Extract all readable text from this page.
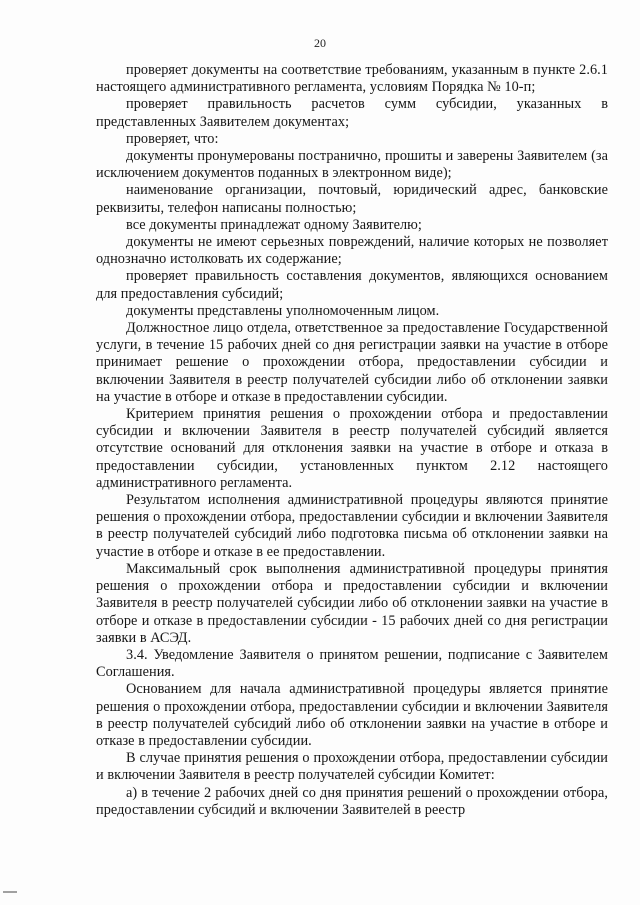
20

проверяет документы на соответствие требованиям, указанным в пункте 2.6.1 настоящего административного регламента, условиям Порядка № 10-п;

проверяет правильность расчетов сумм субсидии, указанных в представленных Заявителем документах;

проверяет, что:

документы пронумерованы постранично, прошиты и заверены Заявителем (за исключением документов поданных в электронном виде);

наименование организации, почтовый, юридический адрес, банковские реквизиты, телефон написаны полностью;

все документы принадлежат одному Заявителю;

документы не имеют серьезных повреждений, наличие которых не позволяет однозначно истолковать их содержание;

проверяет правильность составления документов, являющихся основанием для предоставления субсидий;

документы представлены уполномоченным лицом.

Должностное лицо отдела, ответственное за предоставление Государственной услуги, в течение 15 рабочих дней со дня регистрации заявки на участие в отборе принимает решение о прохождении отбора, предоставлении субсидии и включении Заявителя в реестр получателей субсидии либо об отклонении заявки на участие в отборе и отказе в предоставлении субсидии.

Критерием принятия решения о прохождении отбора и предоставлении субсидии и включении Заявителя в реестр получателей субсидий является отсутствие оснований для отклонения заявки на участие в отборе и отказа в предоставлении субсидии, установленных пунктом 2.12 настоящего административного регламента.

Результатом исполнения административной процедуры являются принятие решения о прохождении отбора, предоставлении субсидии и включении Заявителя в реестр получателей субсидий либо подготовка письма об отклонении заявки на участие в отборе и отказе в ее предоставлении.

Максимальный срок выполнения административной процедуры принятия решения о прохождении отбора и предоставлении субсидии и включении Заявителя в реестр получателей субсидии либо об отклонении заявки на участие в отборе и отказе в предоставлении субсидии - 15 рабочих дней со дня регистрации заявки в АСЭД.

3.4. Уведомление Заявителя о принятом решении, подписание с Заявителем Соглашения.

Основанием для начала административной процедуры является принятие решения о прохождении отбора, предоставлении субсидии и включении Заявителя в реестр получателей субсидий либо об отклонении заявки на участие в отборе и отказе в предоставлении субсидии.

В случае принятия решения о прохождении отбора, предоставлении субсидии и включении Заявителя в реестр получателей субсидии Комитет:

а) в течение 2 рабочих дней со дня принятия решений о прохождении отбора, предоставлении субсидий и включении Заявителей в реестр
